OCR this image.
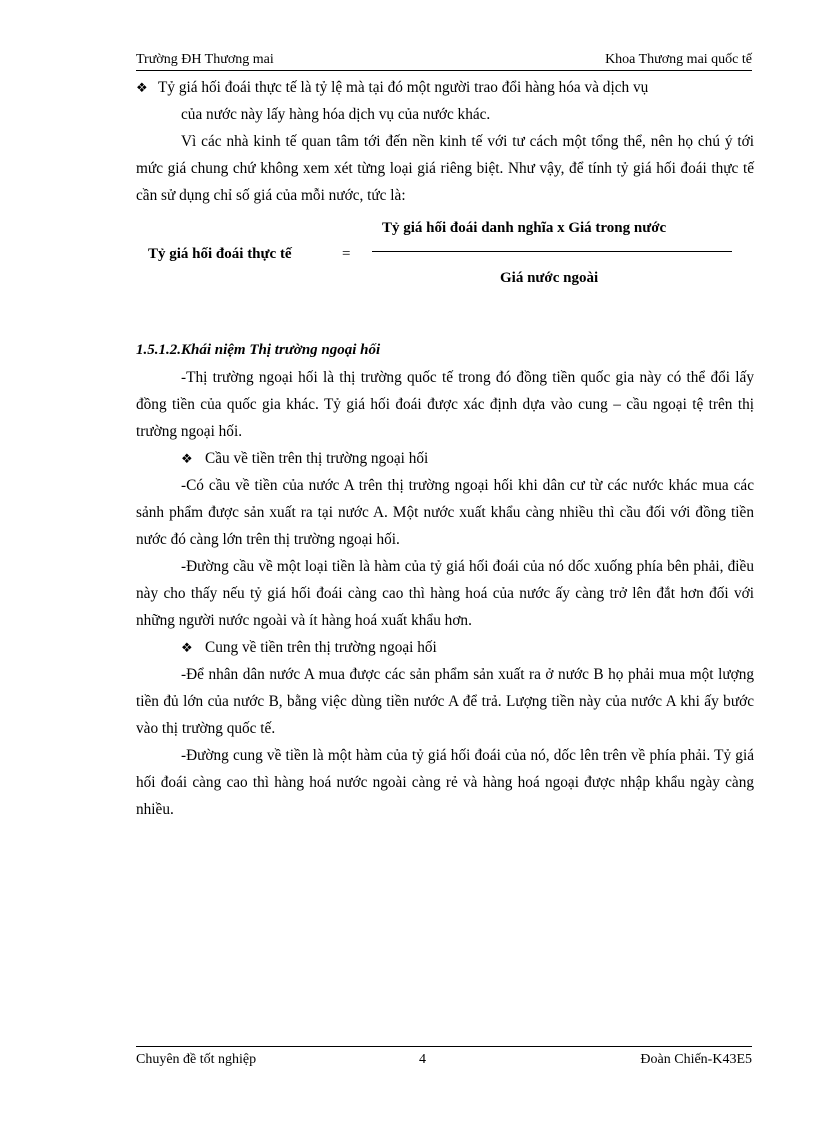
Trường ĐH Thương mai	Khoa Thương mai quốc tế

❖ Tỷ giá hối đoái thực tế là tỷ lệ mà tại đó một người trao đổi hàng hóa và dịch vụ

của nước này lấy hàng hóa dịch vụ của nước khác.

Vì các nhà kinh tế quan tâm tới đến nền kinh tế với tư cách một tổng thể, nên họ chú ý tới mức giá chung chứ không xem xét từng loại giá riêng biệt. Như vậy, để tính tỷ giá hối đoái thực tế cần sử dụng chỉ số giá của mỗi nước, tức là:

Tỷ giá hối đoái thực tế	=
Tỷ giá hối đoái danh nghĩa x Giá trong nước
Giá nước ngoài

1.5.1.2.Khái niệm Thị trường ngoại hối

-Thị trường ngoại hối là thị trường quốc tế trong đó đồng tiền quốc gia này có thể đổi lấy đồng tiền của quốc gia khác. Tỷ giá hối đoái được xác định dựa vào cung – cầu ngoại tệ trên thị trường ngoại hối.

❖ Cầu về tiền trên thị trường ngoại hối

-Có cầu về tiền của nước A trên thị trường ngoại hối khi dân cư từ các nước khác mua các sảnh phẩm được sản xuất ra tại nước A. Một nước xuất khẩu càng nhiều thì cầu đối với đồng tiền nước đó càng lớn trên thị trường ngoại hối.

-Đường cầu về một loại tiền là hàm của tỷ giá hối đoái của nó dốc xuống phía bên phải, điều này cho thấy nếu tỷ giá hối đoái càng cao thì hàng hoá của nước ấy càng trở lên đắt hơn đối với những người nước ngoài và ít hàng hoá xuất khẩu hơn.

❖ Cung về tiền trên thị trường ngoại hối

-Để nhân dân nước A mua được các sản phẩm sản xuất ra ở nước B họ phải mua một lượng tiền đủ lớn của nước B, bằng việc dùng tiền nước A để trả. Lượng tiền này của nước A khi ấy bước vào thị trường quốc tế.

-Đường cung về tiền là một hàm của tỷ giá hối đoái của nó, dốc lên trên về phía phải. Tỷ giá hối đoái càng cao thì hàng hoá nước ngoài càng rẻ và hàng hoá ngoại được nhập khẩu ngày càng nhiều.

Chuyên đề tốt nghiệp	4	Đoàn Chiến-K43E5
